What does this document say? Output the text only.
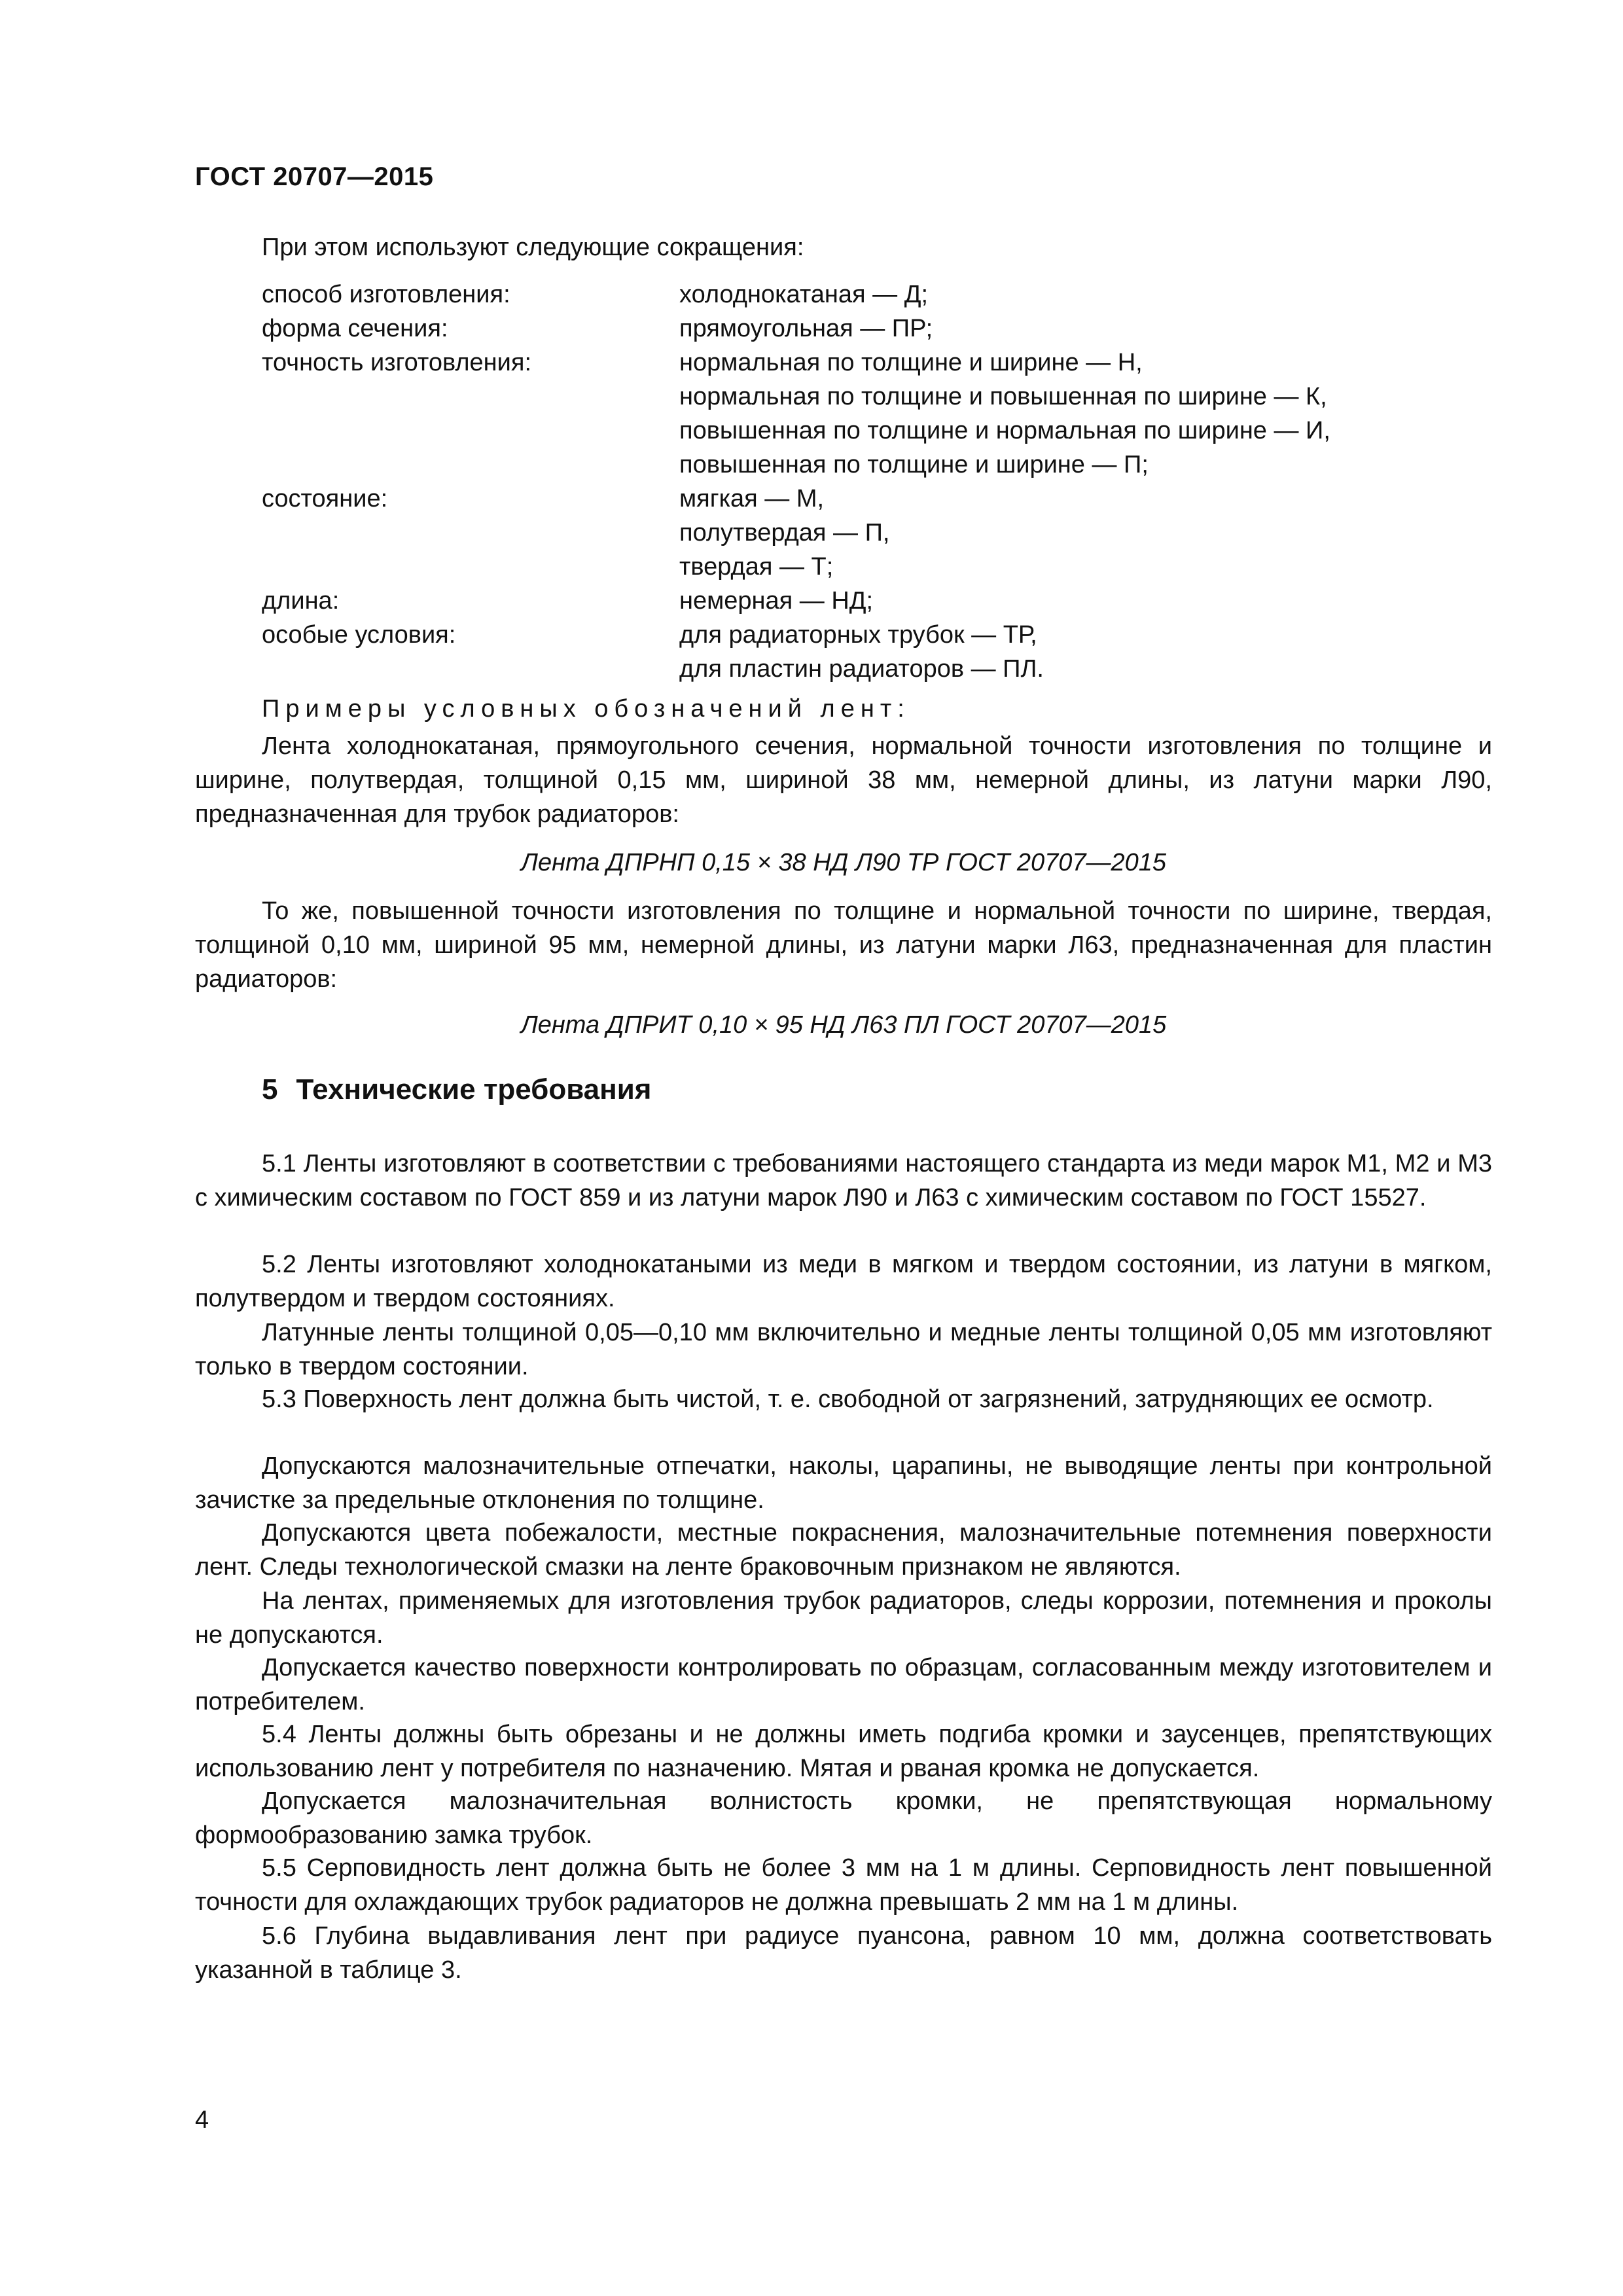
ГОСТ 20707—2015
При этом используют следующие сокращения:
способ изготовления:	холоднокатаная — Д;
форма сечения:	прямоугольная — ПР;
точность изготовления:	нормальная по толщине и ширине — Н,
нормальная по толщине и повышенная по ширине — К,
повышенная по толщине и нормальная по ширине — И,
повышенная по толщине и ширине — П;
состояние:	мягкая — М,
полутвердая — П,
твердая — Т;
длина:	немерная — НД;
особые условия:	для радиаторных трубок — ТР,
для пластин радиаторов — ПЛ.
Примеры условных обозначений лент:
Лента холоднокатаная, прямоугольного сечения, нормальной точности изготовления по толщине и ширине, полутвердая, толщиной 0,15 мм, шириной 38 мм, немерной длины, из латуни марки Л90, предназначенная для трубок радиаторов:
Лента ДПРНП 0,15 × 38 НД Л90 ТР ГОСТ 20707—2015
То же, повышенной точности изготовления по толщине и нормальной точности по ширине, твердая, толщиной 0,10 мм, шириной 95 мм, немерной длины, из латуни марки Л63, предназначенная для пластин радиаторов:
Лента ДПРИТ 0,10 × 95 НД Л63 ПЛ ГОСТ 20707—2015
5 Технические требования
5.1 Ленты изготовляют в соответствии с требованиями настоящего стандарта из меди марок М1, М2 и М3 с химическим составом по ГОСТ 859 и из латуни марок Л90 и Л63 с химическим составом по ГОСТ 15527.
5.2 Ленты изготовляют холоднокатаными из меди в мягком и твердом состоянии, из латуни в мягком, полутвердом и твердом состояниях.
Латунные ленты толщиной 0,05—0,10 мм включительно и медные ленты толщиной 0,05 мм изготовляют только в твердом состоянии.
5.3 Поверхность лент должна быть чистой, т. е. свободной от загрязнений, затрудняющих ее осмотр.
Допускаются малозначительные отпечатки, наколы, царапины, не выводящие ленты при контрольной зачистке за предельные отклонения по толщине.
Допускаются цвета побежалости, местные покраснения, малозначительные потемнения поверхности лент. Следы технологической смазки на ленте браковочным признаком не являются.
На лентах, применяемых для изготовления трубок радиаторов, следы коррозии, потемнения и проколы не допускаются.
Допускается качество поверхности контролировать по образцам, согласованным между изготовителем и потребителем.
5.4 Ленты должны быть обрезаны и не должны иметь подгиба кромки и заусенцев, препятствующих использованию лент у потребителя по назначению. Мятая и рваная кромка не допускается.
Допускается малозначительная волнистость кромки, не препятствующая нормальному формообразованию замка трубок.
5.5 Серповидность лент должна быть не более 3 мм на 1 м длины. Серповидность лент повышенной точности для охлаждающих трубок радиаторов не должна превышать 2 мм на 1 м длины.
5.6 Глубина выдавливания лент при радиусе пуансона, равном 10 мм, должна соответствовать указанной в таблице 3.
4
